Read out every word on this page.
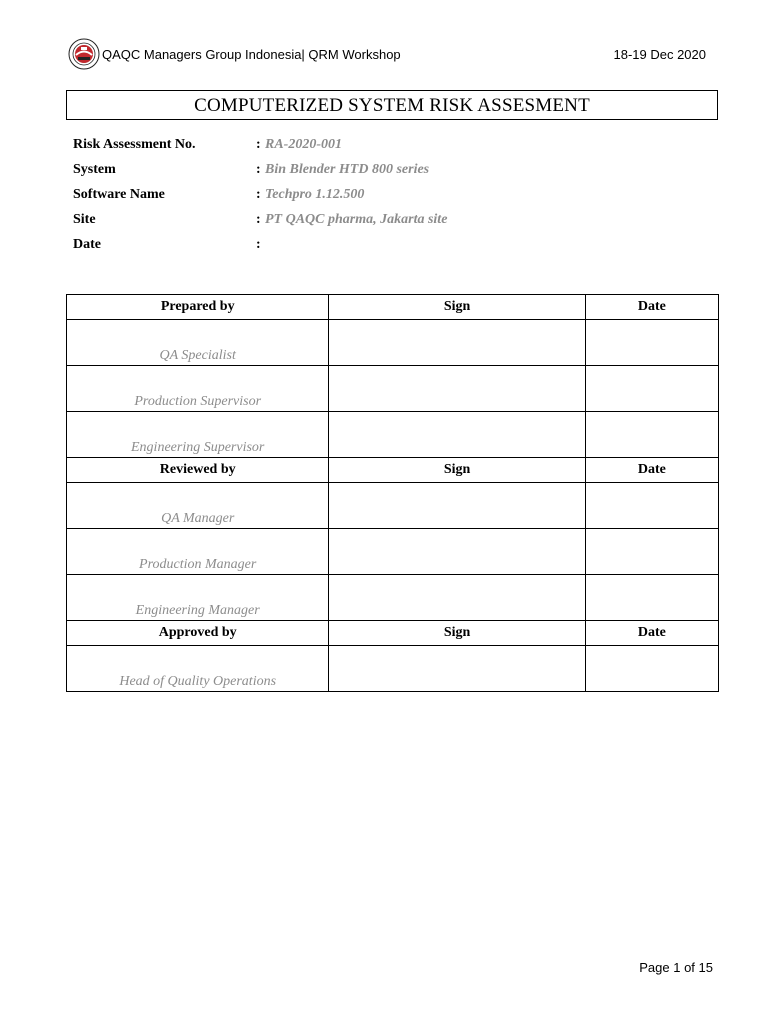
QAQC Managers Group Indonesia| QRM Workshop	18-19 Dec 2020
COMPUTERIZED SYSTEM RISK ASSESMENT
Risk Assessment No.	: RA-2020-001
System	: Bin Blender HTD 800 series
Software Name	: Techpro 1.12.500
Site	: PT QAQC pharma, Jakarta site
Date	:
Prepared by	Sign	Date
QA Specialist		
Production Supervisor		
Engineering Supervisor		
Reviewed by	Sign	Date
QA Manager		
Production Manager		
Engineering Manager		
Approved by	Sign	Date
Head of Quality Operations		
Page 1 of 15
